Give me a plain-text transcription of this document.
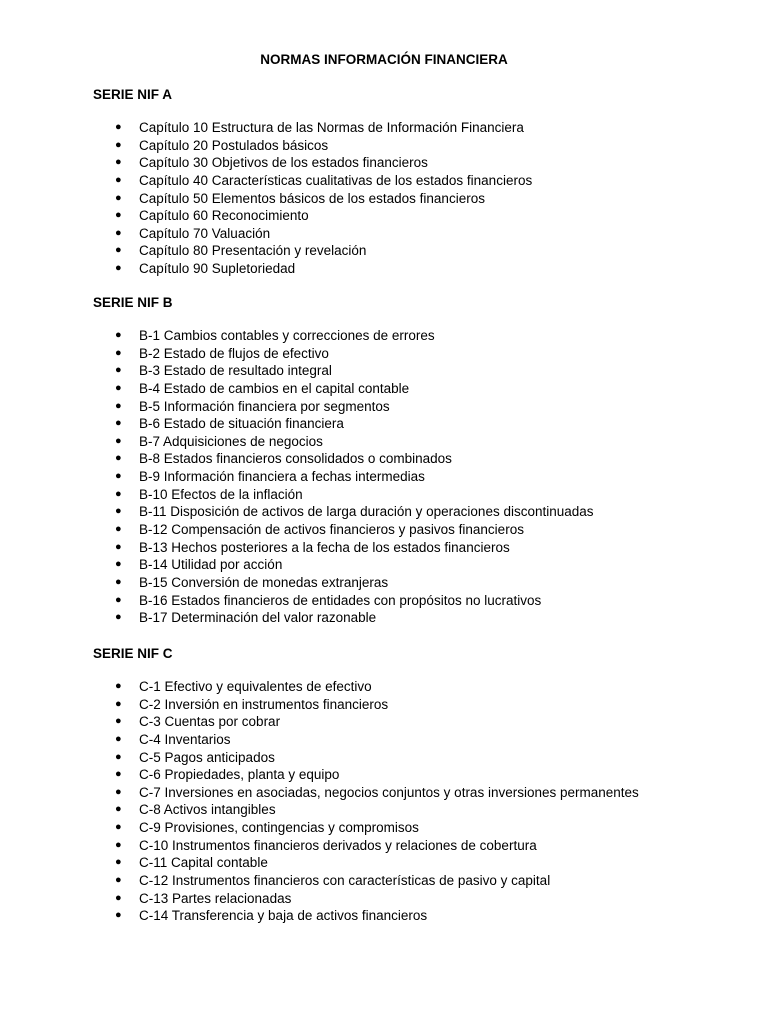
NORMAS INFORMACIÓN FINANCIERA
SERIE NIF A
● Capítulo 10 Estructura de las Normas de Información Financiera
● Capítulo 20 Postulados básicos
● Capítulo 30 Objetivos de los estados financieros
● Capítulo 40 Características cualitativas de los estados financieros
● Capítulo 50 Elementos básicos de los estados financieros
● Capítulo 60 Reconocimiento
● Capítulo 70 Valuación
● Capítulo 80 Presentación y revelación
● Capítulo 90 Supletoriedad
SERIE NIF B
● B-1 Cambios contables y correcciones de errores
● B-2 Estado de flujos de efectivo
● B-3 Estado de resultado integral
● B-4 Estado de cambios en el capital contable
● B-5 Información financiera por segmentos
● B-6 Estado de situación financiera
● B-7 Adquisiciones de negocios
● B-8 Estados financieros consolidados o combinados
● B-9 Información financiera a fechas intermedias
● B-10 Efectos de la inflación
● B-11 Disposición de activos de larga duración y operaciones discontinuadas
● B-12 Compensación de activos financieros y pasivos financieros
● B-13 Hechos posteriores a la fecha de los estados financieros
● B-14 Utilidad por acción
● B-15 Conversión de monedas extranjeras
● B-16 Estados financieros de entidades con propósitos no lucrativos
● B-17 Determinación del valor razonable
SERIE NIF C
● C-1 Efectivo y equivalentes de efectivo
● C-2 Inversión en instrumentos financieros
● C-3 Cuentas por cobrar
● C-4 Inventarios
● C-5 Pagos anticipados
● C-6 Propiedades, planta y equipo
● C-7 Inversiones en asociadas, negocios conjuntos y otras inversiones permanentes
● C-8 Activos intangibles
● C-9 Provisiones, contingencias y compromisos
● C-10 Instrumentos financieros derivados y relaciones de cobertura
● C-11 Capital contable
● C-12 Instrumentos financieros con características de pasivo y capital
● C-13 Partes relacionadas
● C-14 Transferencia y baja de activos financieros
